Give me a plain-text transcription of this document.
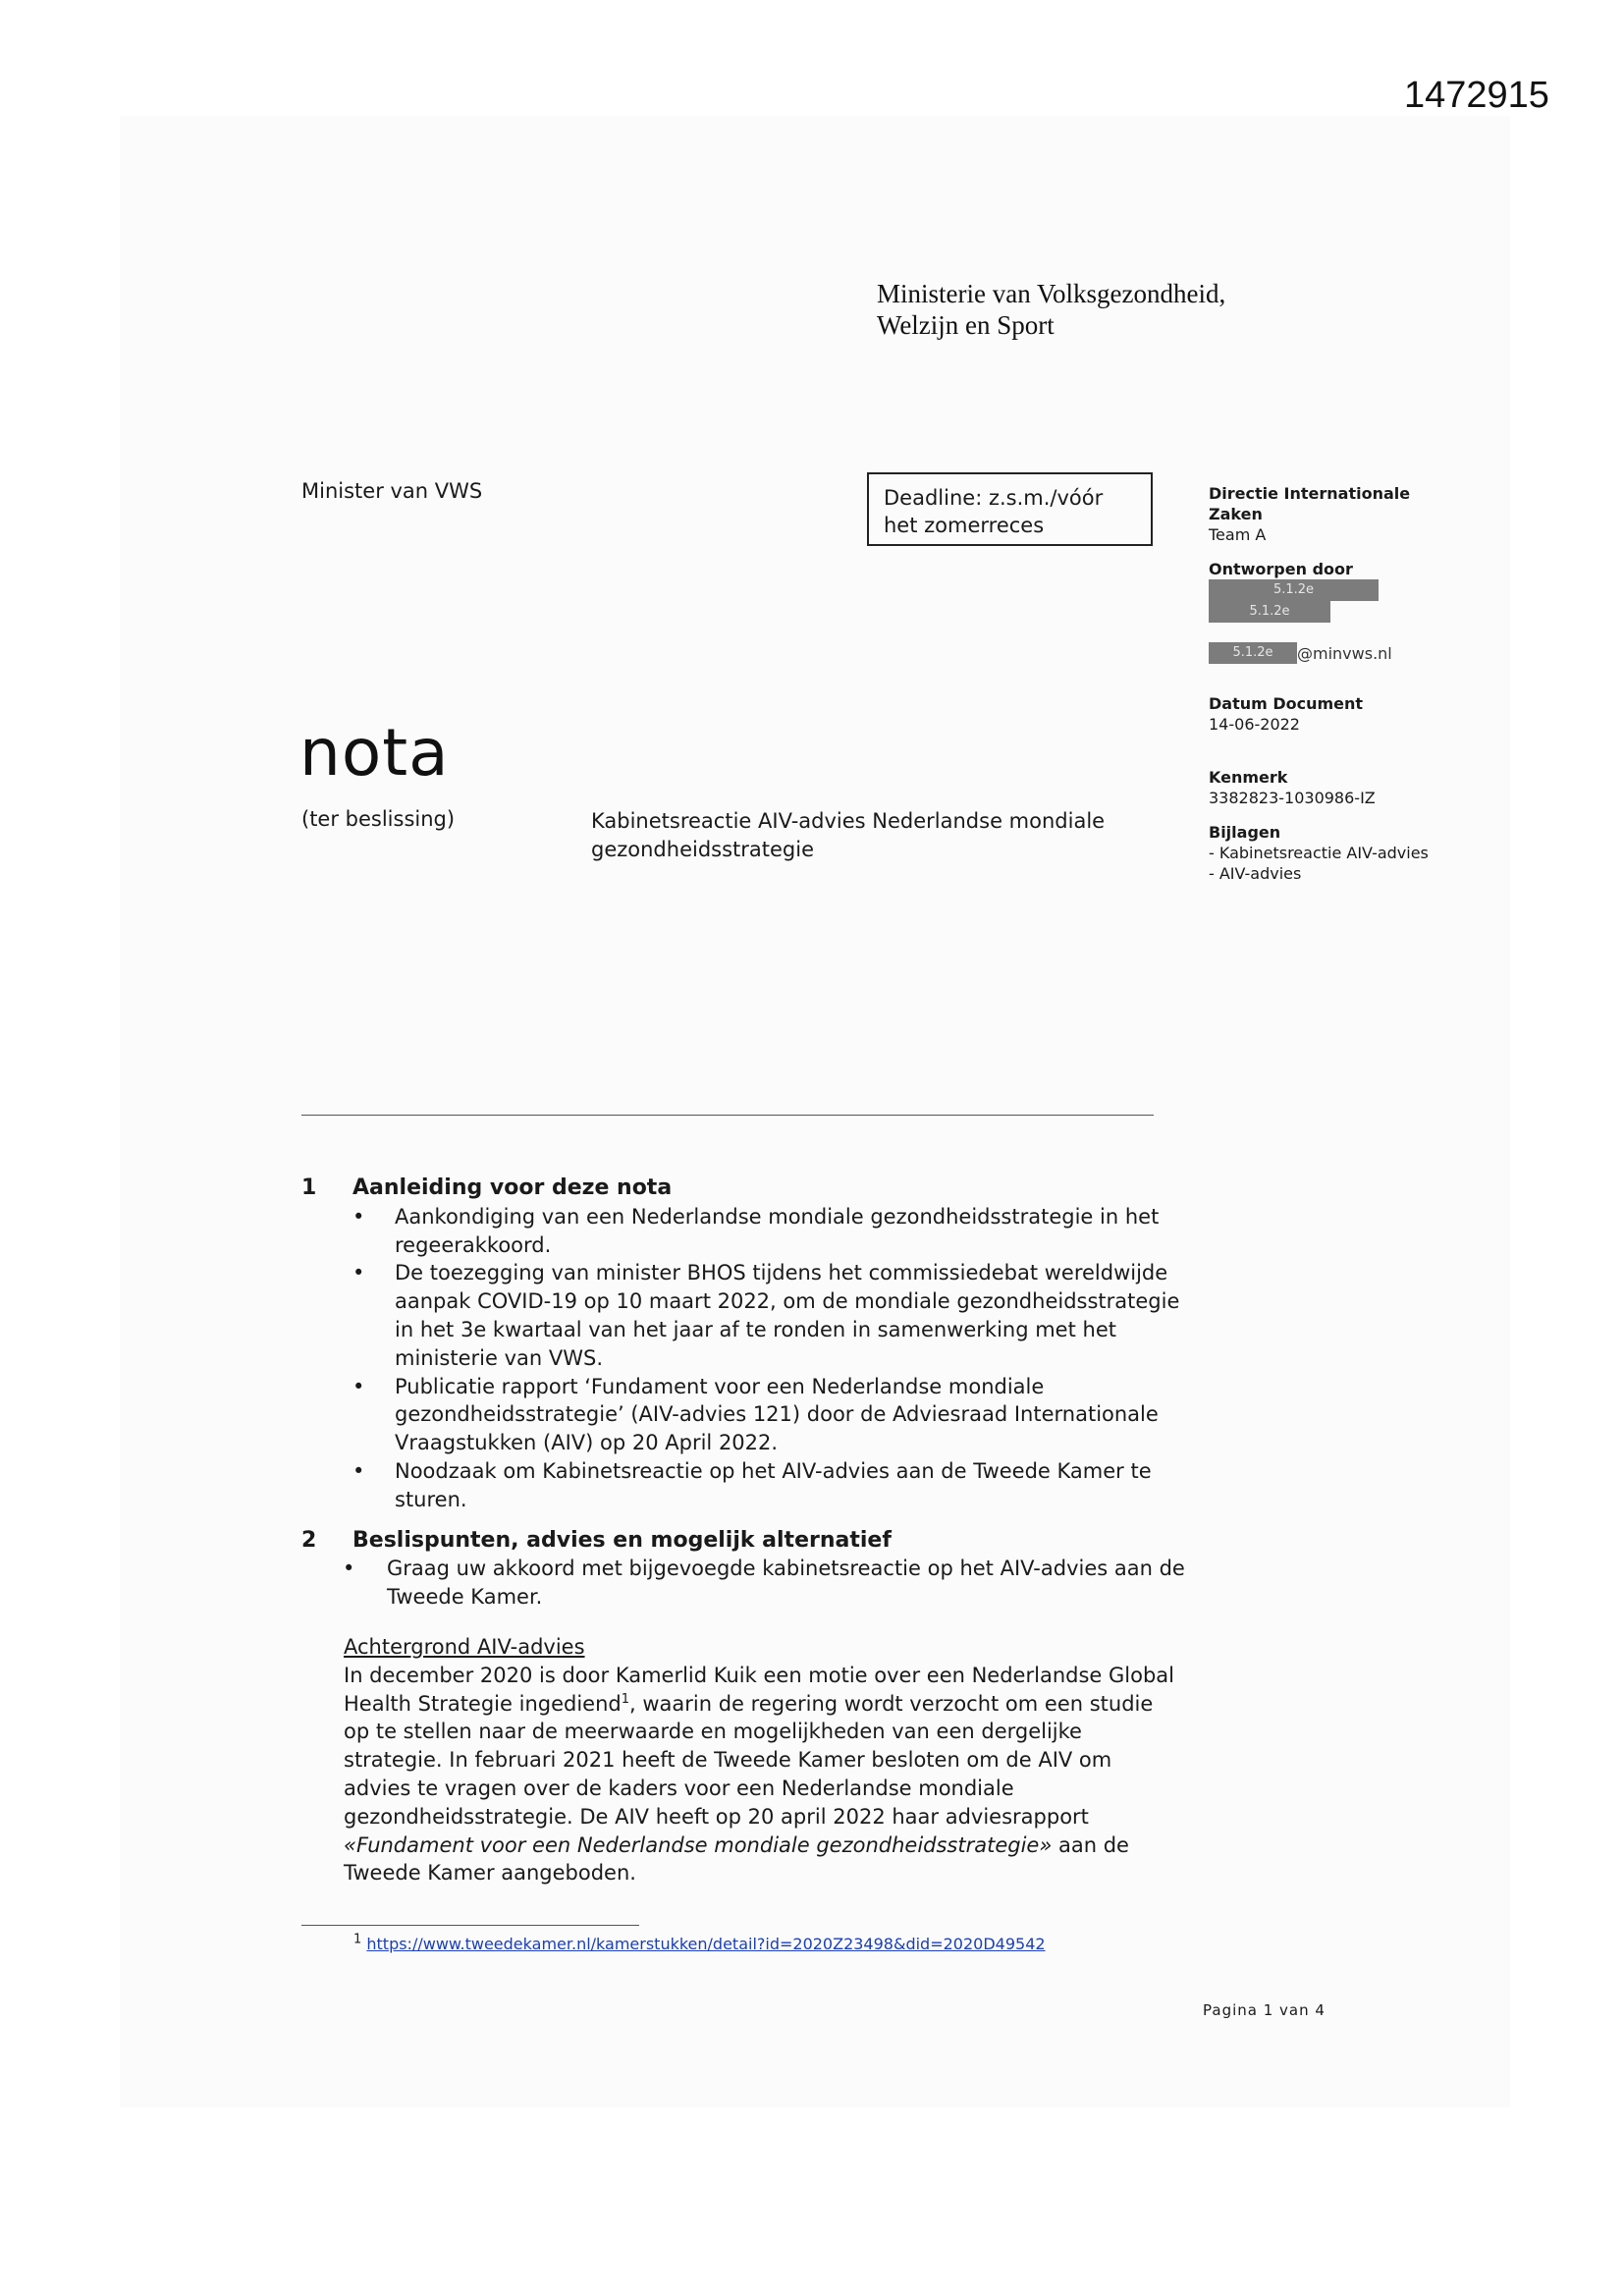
1472915
Ministerie van Volksgezondheid,
Welzijn en Sport
Minister van VWS	Deadline: z.s.m./vóór
het zomerreces
Directie Internationale
Zaken
Team A
Ontworpen door
5.1.2e
5.1.2e
5.1.2e	@minvws.nl
Datum Document
14-06-2022
Kenmerk
3382823-1030986-IZ
Bijlagen
- Kabinetsreactie AIV-advies
- AIV-advies
nota
(ter beslissing)	Kabinetsreactie AIV-advies Nederlandse mondiale
gezondheidsstrategie
1	Aanleiding voor deze nota
• Aankondiging van een Nederlandse mondiale gezondheidsstrategie in het regeerakkoord.
• De toezegging van minister BHOS tijdens het commissiedebat wereldwijde aanpak COVID-19 op 10 maart 2022, om de mondiale gezondheidsstrategie in het 3e kwartaal van het jaar af te ronden in samenwerking met het ministerie van VWS.
• Publicatie rapport ‘Fundament voor een Nederlandse mondiale gezondheidsstrategie’ (AIV-advies 121) door de Adviesraad Internationale Vraagstukken (AIV) op 20 April 2022.
• Noodzaak om Kabinetsreactie op het AIV-advies aan de Tweede Kamer te sturen.
2	Beslispunten, advies en mogelijk alternatief
• Graag uw akkoord met bijgevoegde kabinetsreactie op het AIV-advies aan de Tweede Kamer.
Achtergrond AIV-advies
In december 2020 is door Kamerlid Kuik een motie over een Nederlandse Global Health Strategie ingediend$^1$, waarin de regering wordt verzocht om een studie op te stellen naar de meerwaarde en mogelijkheden van een dergelijke strategie. In februari 2021 heeft de Tweede Kamer besloten om de AIV om advies te vragen over de kaders voor een Nederlandse mondiale gezondheidsstrategie. De AIV heeft op 20 april 2022 haar adviesrapport «Fundament voor een Nederlandse mondiale gezondheidsstrategie» aan de Tweede Kamer aangeboden.
$^1$ https://www.tweedekamer.nl/kamerstukken/detail?id=2020Z23498&did=2020D49542
Pagina 1 van 4
